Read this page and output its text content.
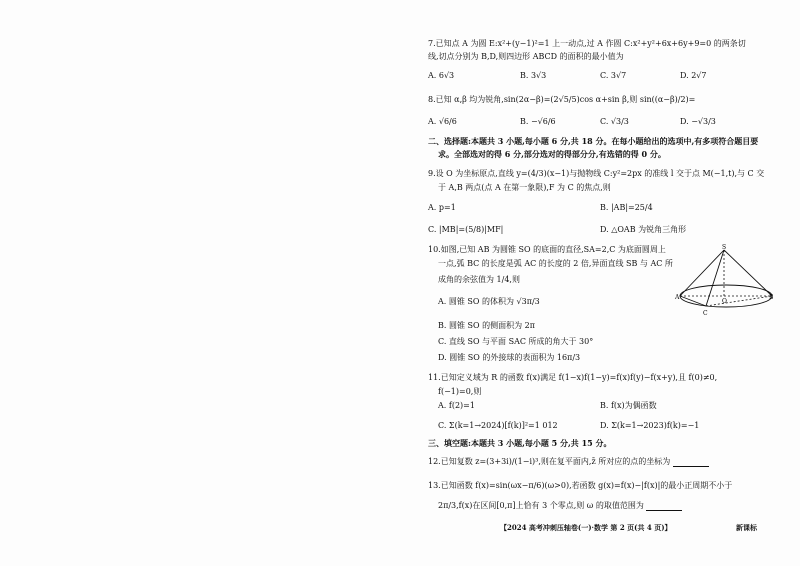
7.已知点 A 为圆 E:x²+(y−1)²=1 上一动点,过 A 作圆 C:x²+y²+6x+6y+9=0 的两条切
线,切点分别为 B,D,则四边形 ABCD 的面积的最小值为
A. 6√3	B. 3√3	C. 3√7	D. 2√7
8.已知 α,β 均为锐角,sin(2α−β)=(2√5/5)cos α+sin β,则 sin((α−β)/2)=
A. √6/6	B. −√6/6	C. √3/3	D. −√3/3
二、选择题:本题共 3 小题,每小题 6 分,共 18 分。在每小题给出的选项中,有多项符合题目要
求。全部选对的得 6 分,部分选对的得部分分,有选错的得 0 分。
9.设 O 为坐标原点,直线 y=(4/3)(x−1)与抛物线 C:y²=2px 的准线 l 交于点 M(−1,t),与 C 交
于 A,B 两点(点 A 在第一象限),F 为 C 的焦点,则
A. p=1	B. |AB|=25/4
C. |MB|=(5/8)|MF|	D. △OAB 为锐角三角形
10.如图,已知 AB 为圆锥 SO 的底面的直径,SA=2,C 为底面圆周上
一点,弧 BC 的长度是弧 AC 的长度的 2 倍,异面直线 SB 与 AC 所
成角的余弦值为 1/4,则
A. 圆锥 SO 的体积为 √3π/3
B. 圆锥 SO 的侧面积为 2π
C. 直线 SO 与平面 SAC 所成的角大于 30°
D. 圆锥 SO 的外接球的表面积为 16π/3
11.已知定义域为 R 的函数 f(x)满足 f(1−x)f(1−y)=f(x)f(y)−f(x+y),且 f(0)≠0,
f(−1)=0,则
A. f(2)=1	B. f(x)为偶函数
C. Σ(k=1→2024)[f(k)]²=1 012	D. Σ(k=1→2023)f(k)=−1
三、填空题:本题共 3 小题,每小题 5 分,共 15 分。
12.已知复数 z=(3+3i)/(1−i)³,则在复平面内,z̄ 所对应的点的坐标为
13.已知函数 f(x)=sin(ωx−π/6)(ω>0),若函数 g(x)=f(x)−|f(x)|的最小正周期不小于
2π/3,f(x)在区间[0,π]上恰有 3 个零点,则 ω 的取值范围为
S
A
O
B
C
【2024 高考冲刺压轴卷(一)·数学 第 2 页(共 4 页)】	新课标
